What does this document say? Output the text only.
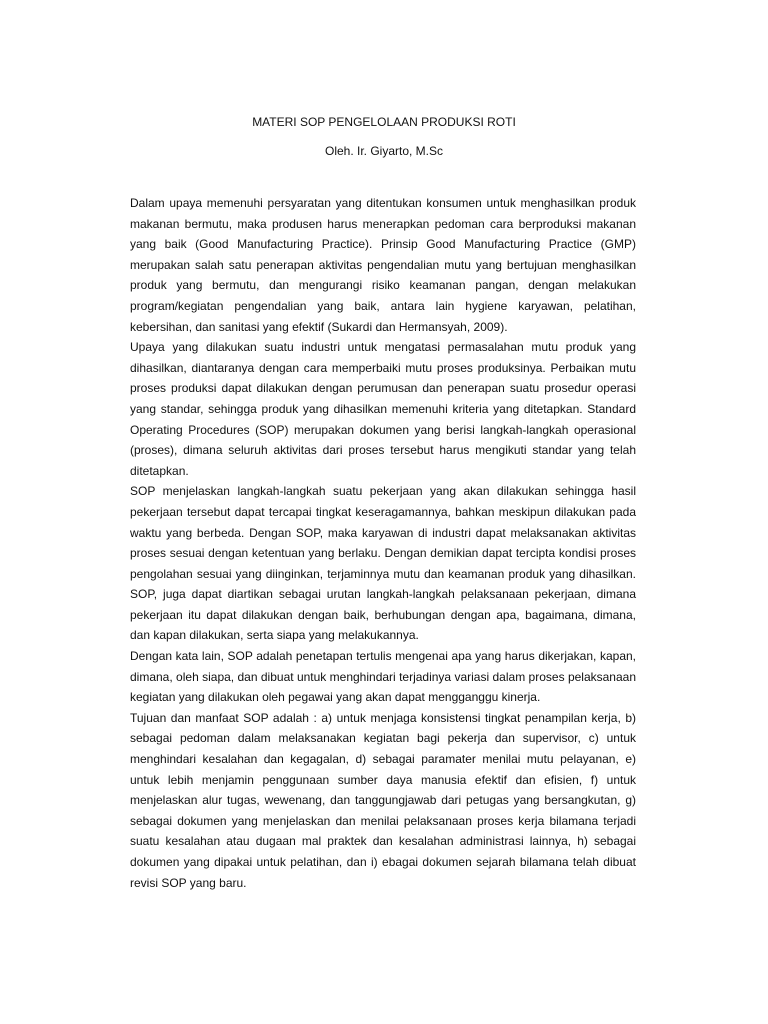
MATERI SOP PENGELOLAAN PRODUKSI ROTI
Oleh. Ir. Giyarto, M.Sc

Dalam upaya memenuhi persyaratan yang ditentukan konsumen untuk menghasilkan produk makanan bermutu, maka produsen harus menerapkan pedoman cara berproduksi makanan yang baik (Good Manufacturing Practice). Prinsip Good Manufacturing Practice (GMP) merupakan salah satu penerapan aktivitas pengendalian mutu yang bertujuan menghasilkan produk yang bermutu, dan mengurangi risiko keamanan pangan, dengan melakukan program/kegiatan pengendalian yang baik, antara lain hygiene karyawan, pelatihan, kebersihan, dan sanitasi yang efektif (Sukardi dan Hermansyah, 2009).

Upaya yang dilakukan suatu industri untuk mengatasi permasalahan mutu produk yang dihasilkan, diantaranya dengan cara memperbaiki mutu proses produksinya. Perbaikan mutu proses produksi dapat dilakukan dengan perumusan dan penerapan suatu prosedur operasi yang standar, sehingga produk yang dihasilkan memenuhi kriteria yang ditetapkan. Standard Operating Procedures (SOP) merupakan dokumen yang berisi langkah-langkah operasional (proses), dimana seluruh aktivitas dari proses tersebut harus mengikuti standar yang telah ditetapkan.

SOP menjelaskan langkah-langkah suatu pekerjaan yang akan dilakukan sehingga hasil pekerjaan tersebut dapat tercapai tingkat keseragamannya, bahkan meskipun dilakukan pada waktu yang berbeda. Dengan SOP, maka karyawan di industri dapat melaksanakan aktivitas proses sesuai dengan ketentuan yang berlaku. Dengan demikian dapat tercipta kondisi proses pengolahan sesuai yang diinginkan, terjaminnya mutu dan keamanan produk yang dihasilkan. SOP, juga dapat diartikan sebagai urutan langkah-langkah pelaksanaan pekerjaan, dimana pekerjaan itu dapat dilakukan dengan baik, berhubungan dengan apa, bagaimana, dimana, dan kapan dilakukan, serta siapa yang melakukannya.

Dengan kata lain, SOP adalah penetapan tertulis mengenai apa yang harus dikerjakan, kapan, dimana, oleh siapa, dan dibuat untuk menghindari terjadinya variasi dalam proses pelaksanaan kegiatan yang dilakukan oleh pegawai yang akan dapat mengganggu kinerja.

Tujuan dan manfaat SOP adalah : a) untuk menjaga konsistensi tingkat penampilan kerja, b) sebagai pedoman dalam melaksanakan kegiatan bagi pekerja dan supervisor, c) untuk menghindari kesalahan dan kegagalan, d) sebagai paramater menilai mutu pelayanan, e) untuk lebih menjamin penggunaan sumber daya manusia efektif dan efisien, f) untuk menjelaskan alur tugas, wewenang, dan tanggungjawab dari petugas yang bersangkutan, g) sebagai dokumen yang menjelaskan dan menilai pelaksanaan proses kerja bilamana terjadi suatu kesalahan atau dugaan mal praktek dan kesalahan administrasi lainnya, h) sebagai dokumen yang dipakai untuk pelatihan, dan i) ebagai dokumen sejarah bilamana telah dibuat revisi SOP yang baru.
